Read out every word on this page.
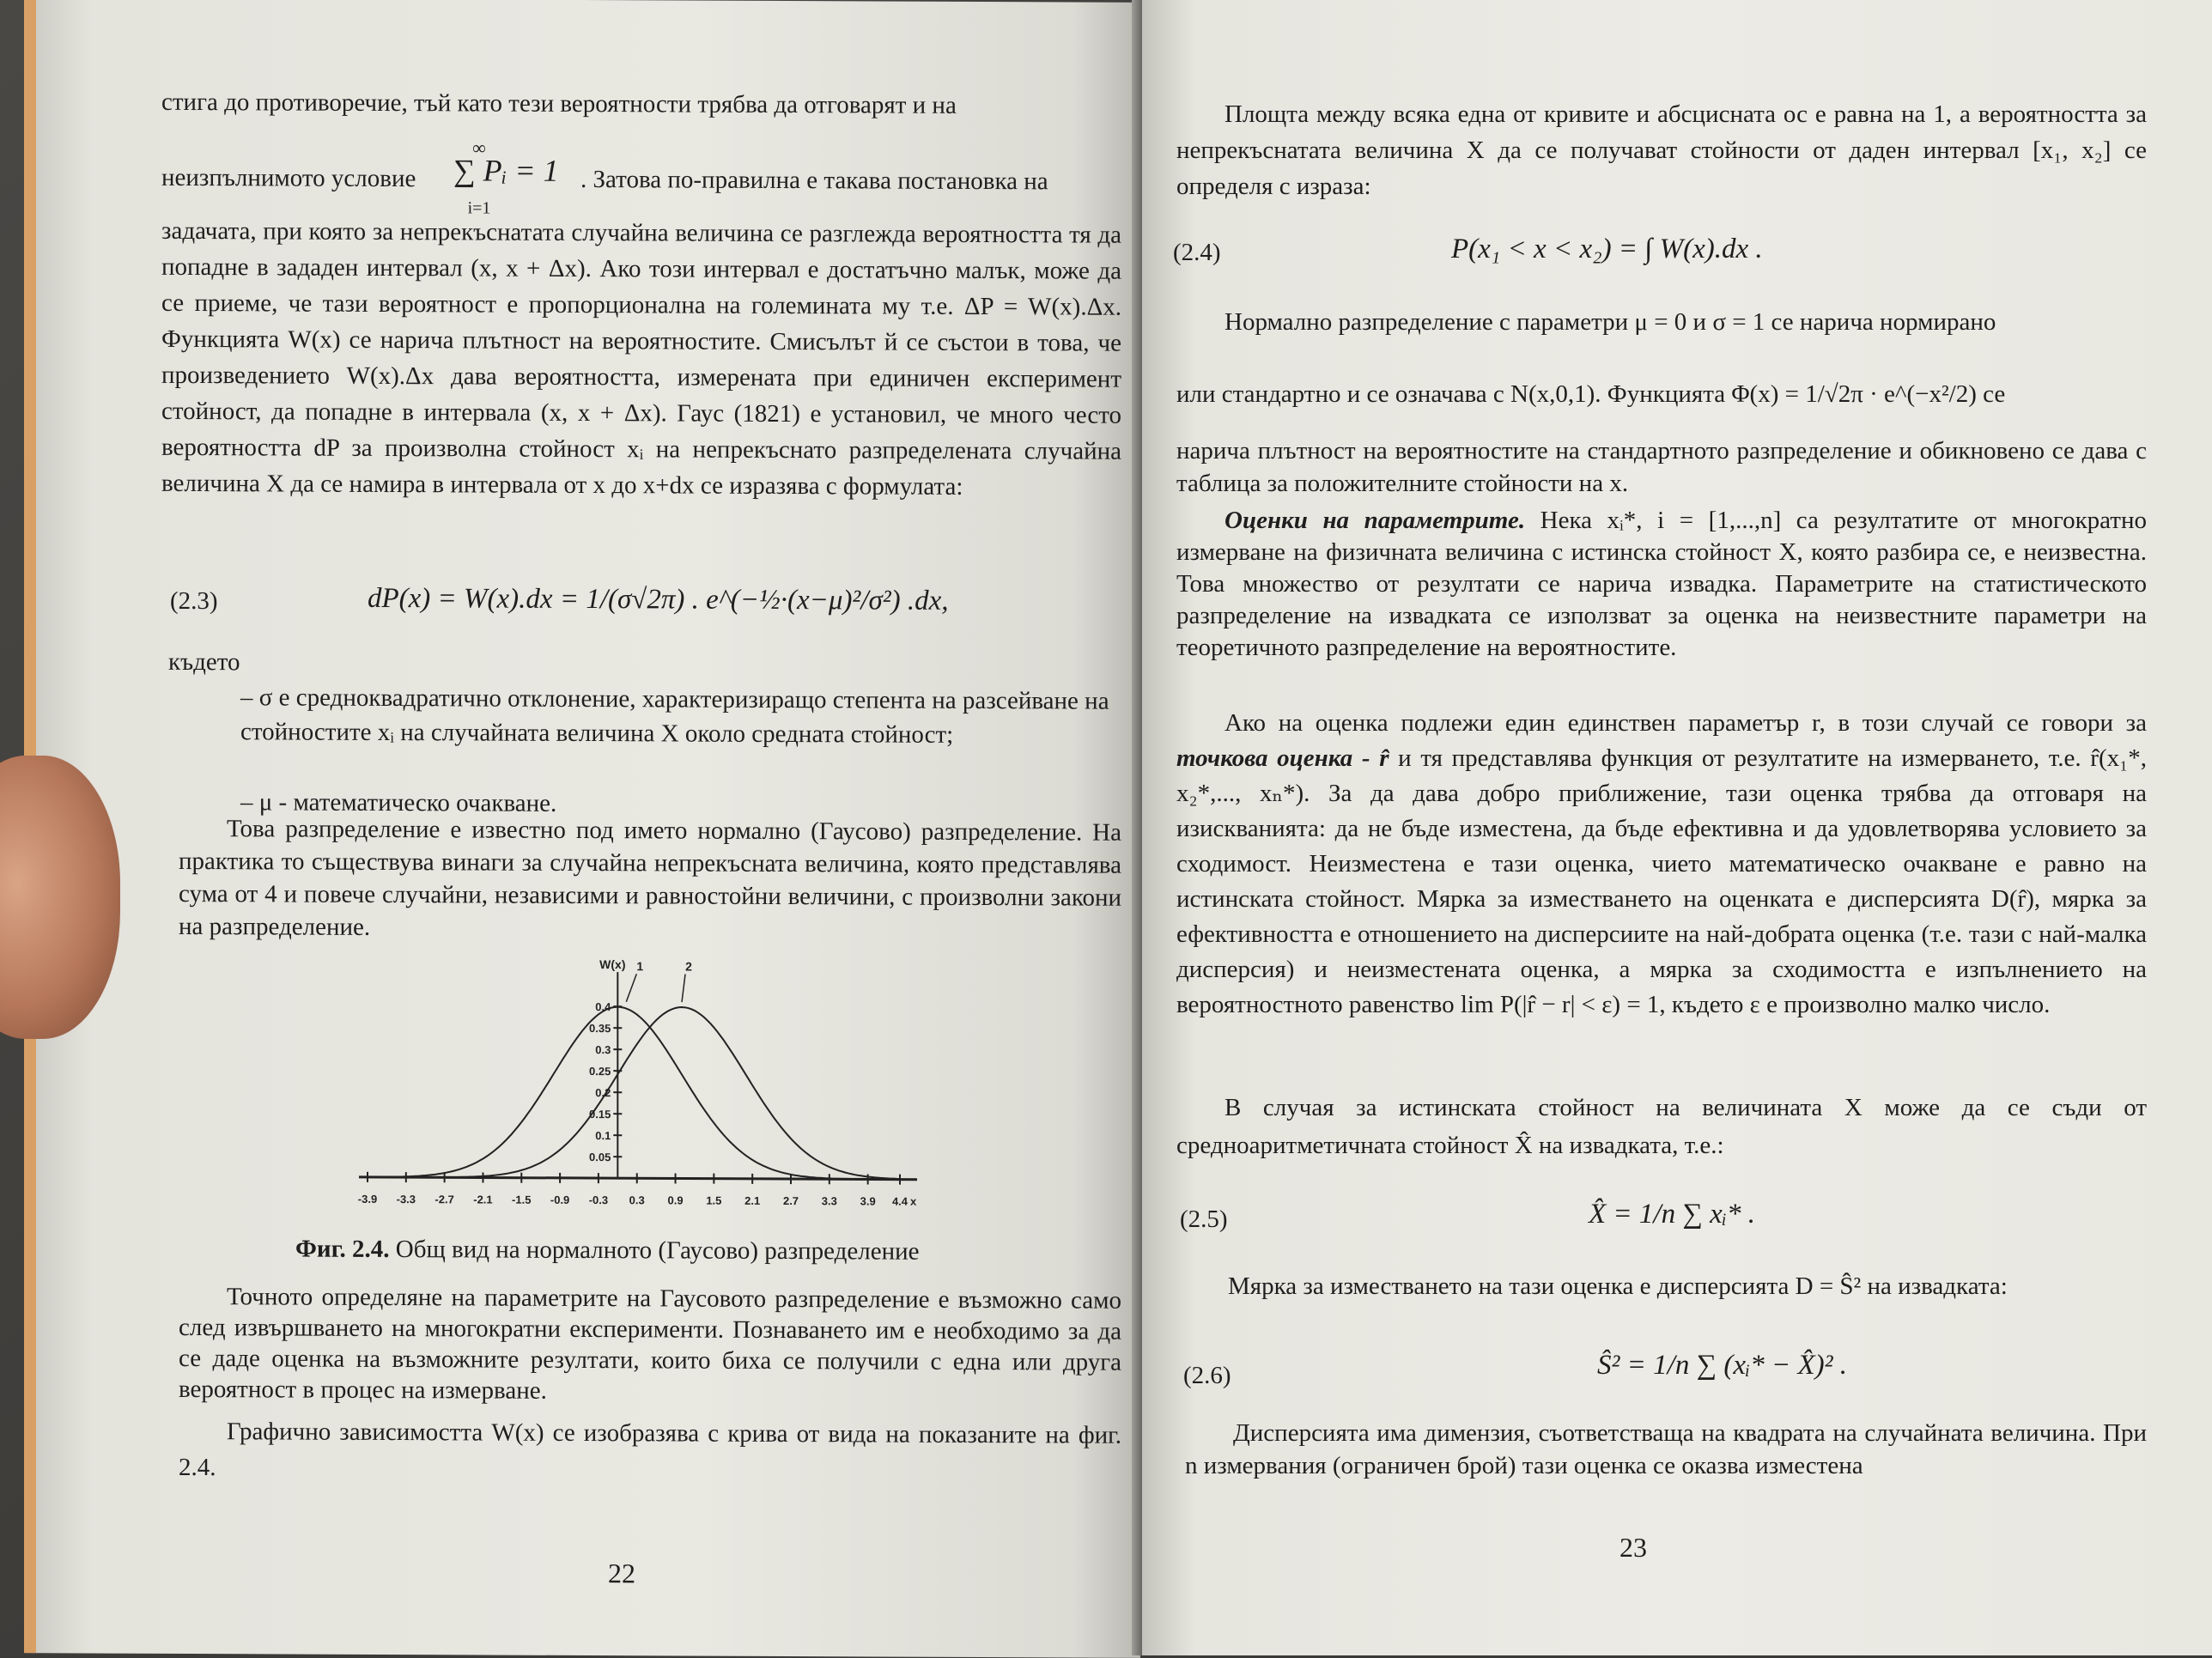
стига до противоречие, тъй като тези вероятности трябва да отговарят и на
неизпълнимото условие
∞
∑ Pᵢ = 1
i=1
. Затова по-правилна е такава постановка на
задачата, при която за непрекъснатата случайна величина се разглежда вероятността тя да попадне в зададен интервал (x, x + Δx). Ако този интервал е достатъчно малък, може да се приеме, че тази вероятност е пропорционална на големината му т.е. ΔP = W(x).Δx. Функцията W(x) се нарича плътност на вероятностите. Смисълът й се състои в това, че произведението W(x).Δx дава вероятността, измерената при единичен експеримент стойност, да попадне в интервала (x, x + Δx). Гаус (1821) е установил, че много често вероятността dP за произволна стойност xᵢ на непрекъснато разпределената случайна величина X да се намира в интервала от x до x+dx се изразява с формулата:
(2.3)	dP(x) = W(x).dx = 1/(σ√2π) . e^(−½·(x−μ)²/σ²) .dx,
където
– σ е средноквадратично отклонение, характеризиращо степента на разсейване на стойностите xᵢ на случайната величина X около средната стойност;
– μ - математическо очакване.
Това разпределение е известно под името нормално (Гаусово) разпределение. На практика то съществува винаги за случайна непрекъсната величина, която представлява сума от 4 и повече случайни, независими и равностойни величини, с произволни закони на разпределение.
-3.9 -3.3 -2.7 -2.1 -1.5 -0.9 -0.3 0.3 0.9 1.5 2.1 2.7 3.3 3.9 4.4 x
0.4
0.35
0.3
0.25
0.2
0.15
0.1
0.05
W(x) 1	2
Фиг. 2.4. Общ вид на нормалното (Гаусово) разпределение
Точното определяне на параметрите на Гаусовото разпределение е възможно само след извършването на многократни експерименти. Познаването им е необходимо за да се даде оценка на възможните резултати, които биха се получили с една или друга вероятност в процес на измерване.
Графично зависимостта W(x) се изобразява с крива от вида на показаните на фиг. 2.4.
22
Площта между всяка една от кривите и абсцисната ос е равна на 1, а вероятността за непрекъснатата величина X да се получават стойности от даден интервал [x₁, x₂] се определя с израза:
(2.4)	P(x₁ < x < x₂) = ∫ W(x).dx .
Нормално разпределение с параметри μ = 0 и σ = 1 се нарича нормирано
или стандартно и се означава с N(x,0,1). Функцията Φ(x) = 1/√2π · e^(−x²/2) се
нарича плътност на вероятностите на стандартното разпределение и обикновено се дава с таблица за положителните стойности на x.
Оценки на параметрите. Нека xᵢ*, i = [1,...,n] са резултатите от многократно измерване на физичната величина с истинска стойност X, която разбира се, е неизвестна. Това множество от резултати се нарича извадка. Параметрите на статистическото разпределение на извадката се използват за оценка на неизвестните параметри на теоретичното разпределение на вероятностите.
Ако на оценка подлежи един единствен параметър r, в този случай се говори за точкова оценка - r̂ и тя представлява функция от резултатите на измерването, т.е. r̂(x₁*, x₂*,..., xₙ*). За да дава добро приближение, тази оценка трябва да отговаря на изискванията: да не бъде изместена, да бъде ефективна и да удовлетворява условието за сходимост. Неизместена е тази оценка, чието математическо очакване е равно на истинската стойност. Мярка за изместването на оценката е дисперсията D(r̂), мярка за ефективността е отношението на дисперсиите на най-добрата оценка (т.е. тази с най-малка дисперсия) и неизместената оценка, а мярка за сходимостта е изпълнението на вероятностното равенство lim P(|r̂ − r| < ε) = 1, където ε е произволно малко число.
В случая за истинската стойност на величината X може да се съди от средноаритметичната стойност X̂ на извадката, т.е.:
(2.5)	X̂ = 1/n ∑ xᵢ* .
Мярка за изместването на тази оценка е дисперсията D = Ŝ² на извадката:
(2.6)	Ŝ² = 1/n ∑ (xᵢ* − X̂)² .
Дисперсията има димензия, съответстваща на квадрата на случайната величина. При n измервания (ограничен брой) тази оценка се оказва изместена
23
